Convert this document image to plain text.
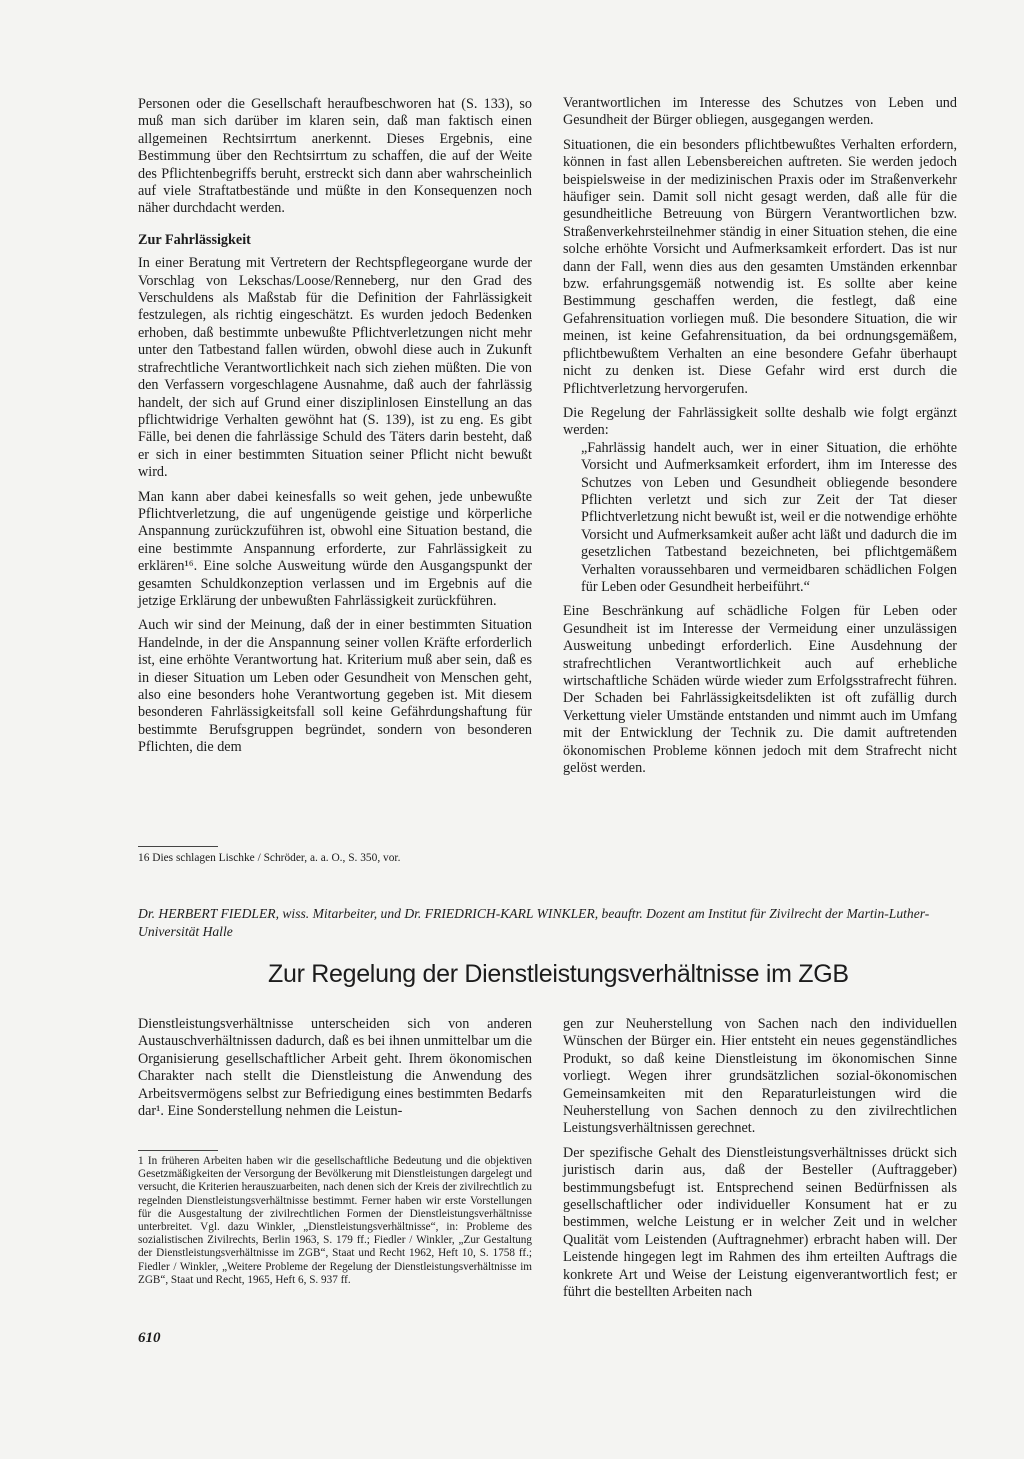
Personen oder die Gesellschaft heraufbeschworen hat (S. 133), so muß man sich darüber im klaren sein, daß man faktisch einen allgemeinen Rechtsirrtum anerkennt. Dieses Ergebnis, eine Bestimmung über den Rechtsirrtum zu schaffen, die auf der Weite des Pflichtenbegriffs beruht, erstreckt sich dann aber wahrscheinlich auf viele Straftatbestände und müßte in den Konsequenzen noch näher durchdacht werden.

Zur Fahrlässigkeit

In einer Beratung mit Vertretern der Rechtspflegeorgane wurde der Vorschlag von Lekschas/Loose/Renneberg, nur den Grad des Verschuldens als Maßstab für die Definition der Fahrlässigkeit festzulegen, als richtig eingeschätzt. Es wurden jedoch Bedenken erhoben, daß bestimmte unbewußte Pflichtverletzungen nicht mehr unter den Tatbestand fallen würden, obwohl diese auch in Zukunft strafrechtliche Verantwortlichkeit nach sich ziehen müßten. Die von den Verfassern vorgeschlagene Ausnahme, daß auch der fahrlässig handelt, der sich auf Grund einer disziplinlosen Einstellung an das pflichtwidrige Verhalten gewöhnt hat (S. 139), ist zu eng. Es gibt Fälle, bei denen die fahrlässige Schuld des Täters darin besteht, daß er sich in einer bestimmten Situation seiner Pflicht nicht bewußt wird.

Man kann aber dabei keinesfalls so weit gehen, jede unbewußte Pflichtverletzung, die auf ungenügende geistige und körperliche Anspannung zurückzuführen ist, obwohl eine Situation bestand, die eine bestimmte Anspannung erforderte, zur Fahrlässigkeit zu erklären¹⁶. Eine solche Ausweitung würde den Ausgangspunkt der gesamten Schuldkonzeption verlassen und im Ergebnis auf die jetzige Erklärung der unbewußten Fahrlässigkeit zurückführen.

Auch wir sind der Meinung, daß der in einer bestimmten Situation Handelnde, in der die Anspannung seiner vollen Kräfte erforderlich ist, eine erhöhte Verantwortung hat. Kriterium muß aber sein, daß es in dieser Situation um Leben oder Gesundheit von Menschen geht, also eine besonders hohe Verantwortung gegeben ist. Mit diesem besonderen Fahrlässigkeitsfall soll keine Gefährdungshaftung für bestimmte Berufsgruppen begründet, sondern von besonderen Pflichten, die dem

16 Dies schlagen Lischke / Schröder, a. a. O., S. 350, vor.

Verantwortlichen im Interesse des Schutzes von Leben und Gesundheit der Bürger obliegen, ausgegangen werden.

Situationen, die ein besonders pflichtbewußtes Verhalten erfordern, können in fast allen Lebensbereichen auftreten. Sie werden jedoch beispielsweise in der medizinischen Praxis oder im Straßenverkehr häufiger sein. Damit soll nicht gesagt werden, daß alle für die gesundheitliche Betreuung von Bürgern Verantwortlichen bzw. Straßenverkehrsteilnehmer ständig in einer Situation stehen, die eine solche erhöhte Vorsicht und Aufmerksamkeit erfordert. Das ist nur dann der Fall, wenn dies aus den gesamten Umständen erkennbar bzw. erfahrungsgemäß notwendig ist. Es sollte aber keine Bestimmung geschaffen werden, die festlegt, daß eine Gefahrensituation vorliegen muß. Die besondere Situation, die wir meinen, ist keine Gefahrensituation, da bei ordnungsgemäßem, pflichtbewußtem Verhalten an eine besondere Gefahr überhaupt nicht zu denken ist. Diese Gefahr wird erst durch die Pflichtverletzung hervorgerufen.

Die Regelung der Fahrlässigkeit sollte deshalb wie folgt ergänzt werden:

„Fahrlässig handelt auch, wer in einer Situation, die erhöhte Vorsicht und Aufmerksamkeit erfordert, ihm im Interesse des Schutzes von Leben und Gesundheit obliegende besondere Pflichten verletzt und sich zur Zeit der Tat dieser Pflichtverletzung nicht bewußt ist, weil er die notwendige erhöhte Vorsicht und Aufmerksamkeit außer acht läßt und dadurch die im gesetzlichen Tatbestand bezeichneten, bei pflichtgemäßem Verhalten voraussehbaren und vermeidbaren schädlichen Folgen für Leben oder Gesundheit herbeiführt.“

Eine Beschränkung auf schädliche Folgen für Leben oder Gesundheit ist im Interesse der Vermeidung einer unzulässigen Ausweitung unbedingt erforderlich. Eine Ausdehnung der strafrechtlichen Verantwortlichkeit auch auf erhebliche wirtschaftliche Schäden würde wieder zum Erfolgsstrafrecht führen. Der Schaden bei Fahrlässigkeitsdelikten ist oft zufällig durch Verkettung vieler Umstände entstanden und nimmt auch im Umfang mit der Entwicklung der Technik zu. Die damit auftretenden ökonomischen Probleme können jedoch mit dem Strafrecht nicht gelöst werden.

Dr. HERBERT FIEDLER, wiss. Mitarbeiter, und Dr. FRIEDRICH-KARL WINKLER, beauftr. Dozent am Institut für Zivilrecht der Martin-Luther-Universität Halle
Zur Regelung der Dienstleistungsverhältnisse im ZGB

Dienstleistungsverhältnisse unterscheiden sich von anderen Austauschverhältnissen dadurch, daß es bei ihnen unmittelbar um die Organisierung gesellschaftlicher Arbeit geht. Ihrem ökonomischen Charakter nach stellt die Dienstleistung die Anwendung des Arbeitsvermögens selbst zur Befriedigung eines bestimmten Bedarfs dar¹. Eine Sonderstellung nehmen die Leistun-

1 In früheren Arbeiten haben wir die gesellschaftliche Bedeutung und die objektiven Gesetzmäßigkeiten der Versorgung der Bevölkerung mit Dienstleistungen dargelegt und versucht, die Kriterien herauszuarbeiten, nach denen sich der Kreis der zivilrechtlich zu regelnden Dienstleistungsverhältnisse bestimmt. Ferner haben wir erste Vorstellungen für die Ausgestaltung der zivilrechtlichen Formen der Dienstleistungsverhältnisse unterbreitet. Vgl. dazu Winkler, „Dienstleistungsverhältnisse“, in: Probleme des sozialistischen Zivilrechts, Berlin 1963, S. 179 ff.; Fiedler / Winkler, „Zur Gestaltung der Dienstleistungsverhältnisse im ZGB“, Staat und Recht 1962, Heft 10, S. 1758 ff.; Fiedler / Winkler, „Weitere Probleme der Regelung der Dienstleistungsverhältnisse im ZGB“, Staat und Recht, 1965, Heft 6, S. 937 ff.

gen zur Neuherstellung von Sachen nach den individuellen Wünschen der Bürger ein. Hier entsteht ein neues gegenständliches Produkt, so daß keine Dienstleistung im ökonomischen Sinne vorliegt. Wegen ihrer grundsätzlichen sozial-ökonomischen Gemeinsamkeiten mit den Reparaturleistungen wird die Neuherstellung von Sachen dennoch zu den zivilrechtlichen Leistungsverhältnissen gerechnet.

Der spezifische Gehalt des Dienstleistungsverhältnisses drückt sich juristisch darin aus, daß der Besteller (Auftraggeber) bestimmungsbefugt ist. Entsprechend seinen Bedürfnissen als gesellschaftlicher oder individueller Konsument hat er zu bestimmen, welche Leistung er in welcher Zeit und in welcher Qualität vom Leistenden (Auftragnehmer) erbracht haben will. Der Leistende hingegen legt im Rahmen des ihm erteilten Auftrags die konkrete Art und Weise der Leistung eigenverantwortlich fest; er führt die bestellten Arbeiten nach

610
